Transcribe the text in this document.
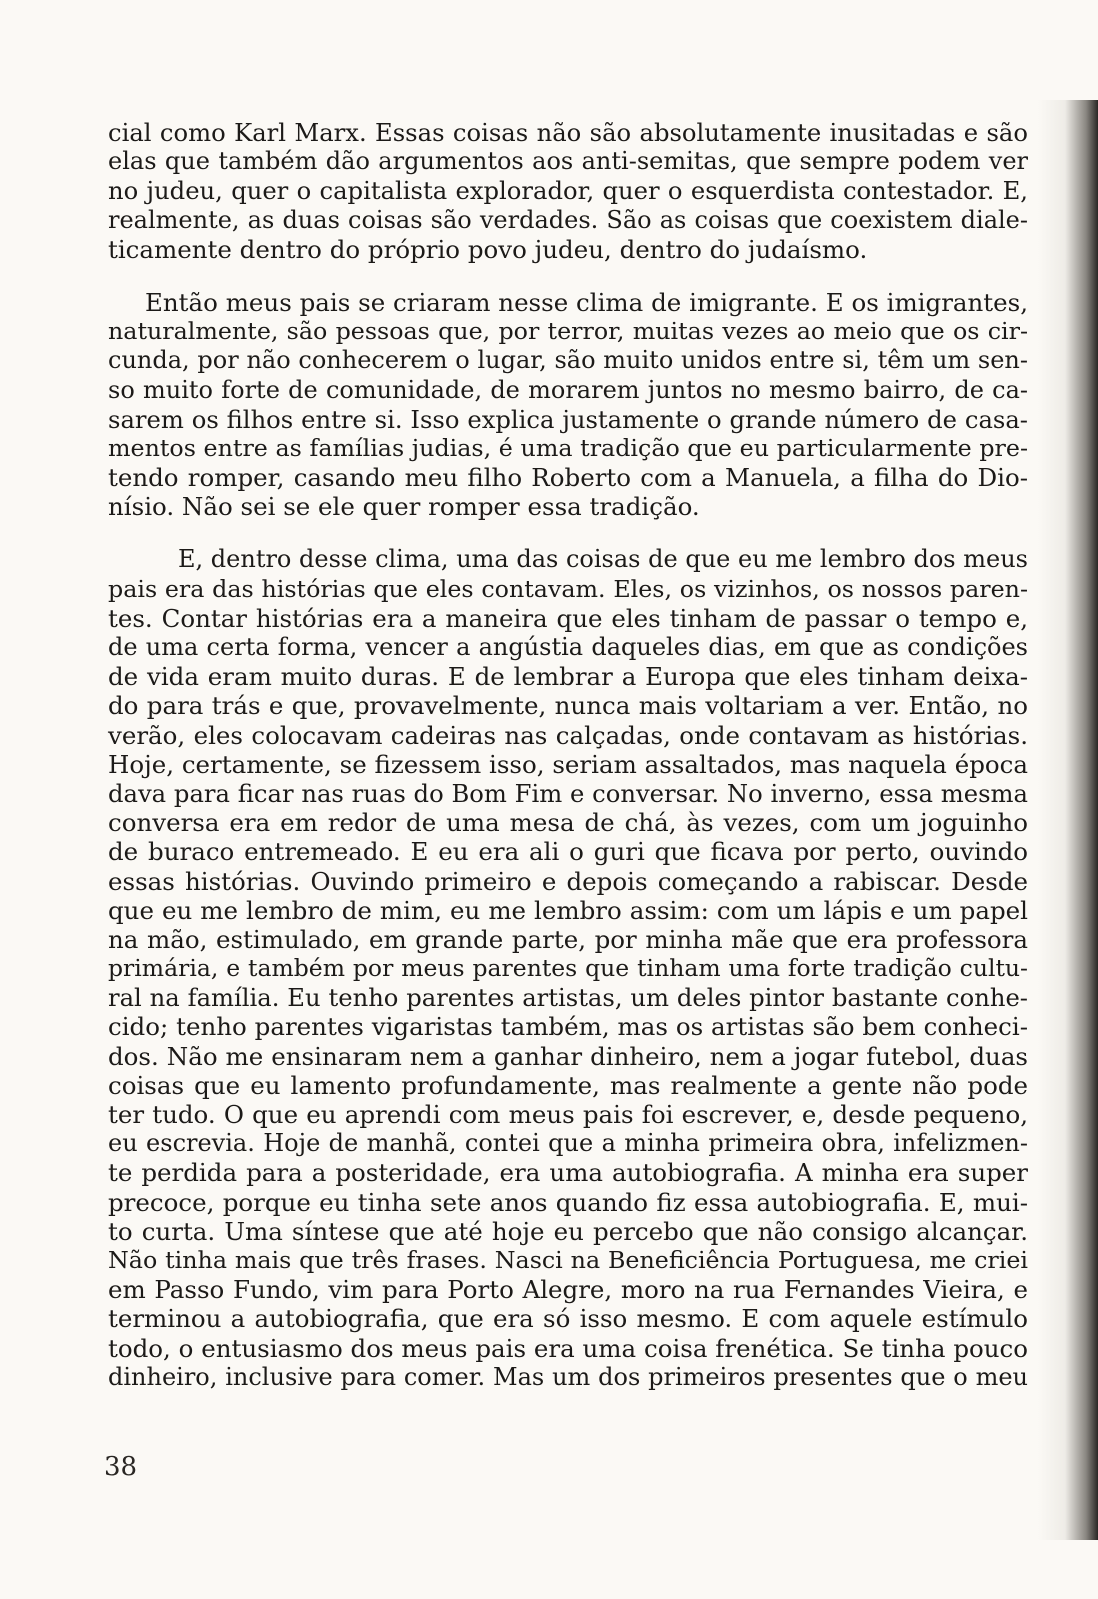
cial como Karl Marx. Essas coisas não são absolutamente inusitadas e são
elas que também dão argumentos aos anti-semitas, que sempre podem ver
no judeu, quer o capitalista explorador, quer o esquerdista contestador. E,
realmente, as duas coisas são verdades. São as coisas que coexistem diale-
ticamente dentro do próprio povo judeu, dentro do judaísmo.
Então meus pais se criaram nesse clima de imigrante. E os imigrantes,
naturalmente, são pessoas que, por terror, muitas vezes ao meio que os cir-
cunda, por não conhecerem o lugar, são muito unidos entre si, têm um sen-
so muito forte de comunidade, de morarem juntos no mesmo bairro, de ca-
sarem os filhos entre si. Isso explica justamente o grande número de casa-
mentos entre as famílias judias, é uma tradição que eu particularmente pre-
tendo romper, casando meu filho Roberto com a Manuela, a filha do Dio-
nísio. Não sei se ele quer romper essa tradição.
E, dentro desse clima, uma das coisas de que eu me lembro dos meus
pais era das histórias que eles contavam. Eles, os vizinhos, os nossos paren-
tes. Contar histórias era a maneira que eles tinham de passar o tempo e,
de uma certa forma, vencer a angústia daqueles dias, em que as condições
de vida eram muito duras. E de lembrar a Europa que eles tinham deixa-
do para trás e que, provavelmente, nunca mais voltariam a ver. Então, no
verão, eles colocavam cadeiras nas calçadas, onde contavam as histórias.
Hoje, certamente, se fizessem isso, seriam assaltados, mas naquela época
dava para ficar nas ruas do Bom Fim e conversar. No inverno, essa mesma
conversa era em redor de uma mesa de chá, às vezes, com um joguinho
de buraco entremeado. E eu era ali o guri que ficava por perto, ouvindo
essas histórias. Ouvindo primeiro e depois começando a rabiscar. Desde
que eu me lembro de mim, eu me lembro assim: com um lápis e um papel
na mão, estimulado, em grande parte, por minha mãe que era professora
primária, e também por meus parentes que tinham uma forte tradição cultu-
ral na família. Eu tenho parentes artistas, um deles pintor bastante conhe-
cido; tenho parentes vigaristas também, mas os artistas são bem conheci-
dos. Não me ensinaram nem a ganhar dinheiro, nem a jogar futebol, duas
coisas que eu lamento profundamente, mas realmente a gente não pode
ter tudo. O que eu aprendi com meus pais foi escrever, e, desde pequeno,
eu escrevia. Hoje de manhã, contei que a minha primeira obra, infelizmen-
te perdida para a posteridade, era uma autobiografia. A minha era super
precoce, porque eu tinha sete anos quando fiz essa autobiografia. E, mui-
to curta. Uma síntese que até hoje eu percebo que não consigo alcançar.
Não tinha mais que três frases. Nasci na Beneficiência Portuguesa, me criei
em Passo Fundo, vim para Porto Alegre, moro na rua Fernandes Vieira, e
terminou a autobiografia, que era só isso mesmo. E com aquele estímulo
todo, o entusiasmo dos meus pais era uma coisa frenética. Se tinha pouco
dinheiro, inclusive para comer. Mas um dos primeiros presentes que o meu
38
